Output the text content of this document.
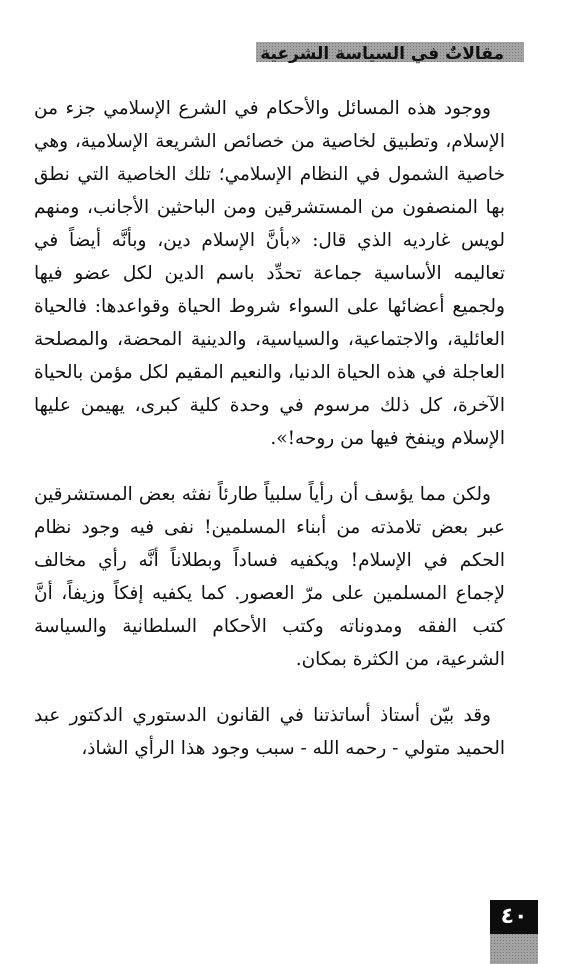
مقالاتٌ في السياسة الشرعية

ووجود هذه المسائل والأحكام في الشرع الإسلامي جزء من الإسلام، وتطبيق لخاصية من خصائص الشريعة الإسلامية، وهي خاصية الشمول في النظام الإسلامي؛ تلك الخاصية التي نطق بها المنصفون من المستشرقين ومن الباحثين الأجانب، ومنهم لويس غارديه الذي قال: «بأنَّ الإسلام دين، وبأنَّه أيضاً في تعاليمه الأساسية جماعة تحدِّد باسم الدين لكل عضو فيها ولجميع أعضائها على السواء شروط الحياة وقواعدها: فالحياة العائلية، والاجتماعية، والسياسية، والدينية المحضة، والمصلحة العاجلة في هذه الحياة الدنيا، والنعيم المقيم لكل مؤمن بالحياة الآخرة، كل ذلك مرسوم في وحدة كلية كبرى، يهيمن عليها الإسلام وينفخ فيها من روحه!».

ولكن مما يؤسف أن رأياً سلبياً طارئاً نفثه بعض المستشرقين عبر بعض تلامذته من أبناء المسلمين! نفى فيه وجود نظام الحكم في الإسلام! ويكفيه فساداً وبطلاناً أنَّه رأي مخالف لإجماع المسلمين على مرّ العصور. كما يكفيه إفكاً وزيفاً، أنَّ كتب الفقه ومدوناته وكتب الأحكام السلطانية والسياسة الشرعية، من الكثرة بمكان.

وقد بيّن أستاذ أساتذتنا في القانون الدستوري الدكتور عبد الحميد متولي - رحمه الله - سبب وجود هذا الرأي الشاذ،

٤٠
